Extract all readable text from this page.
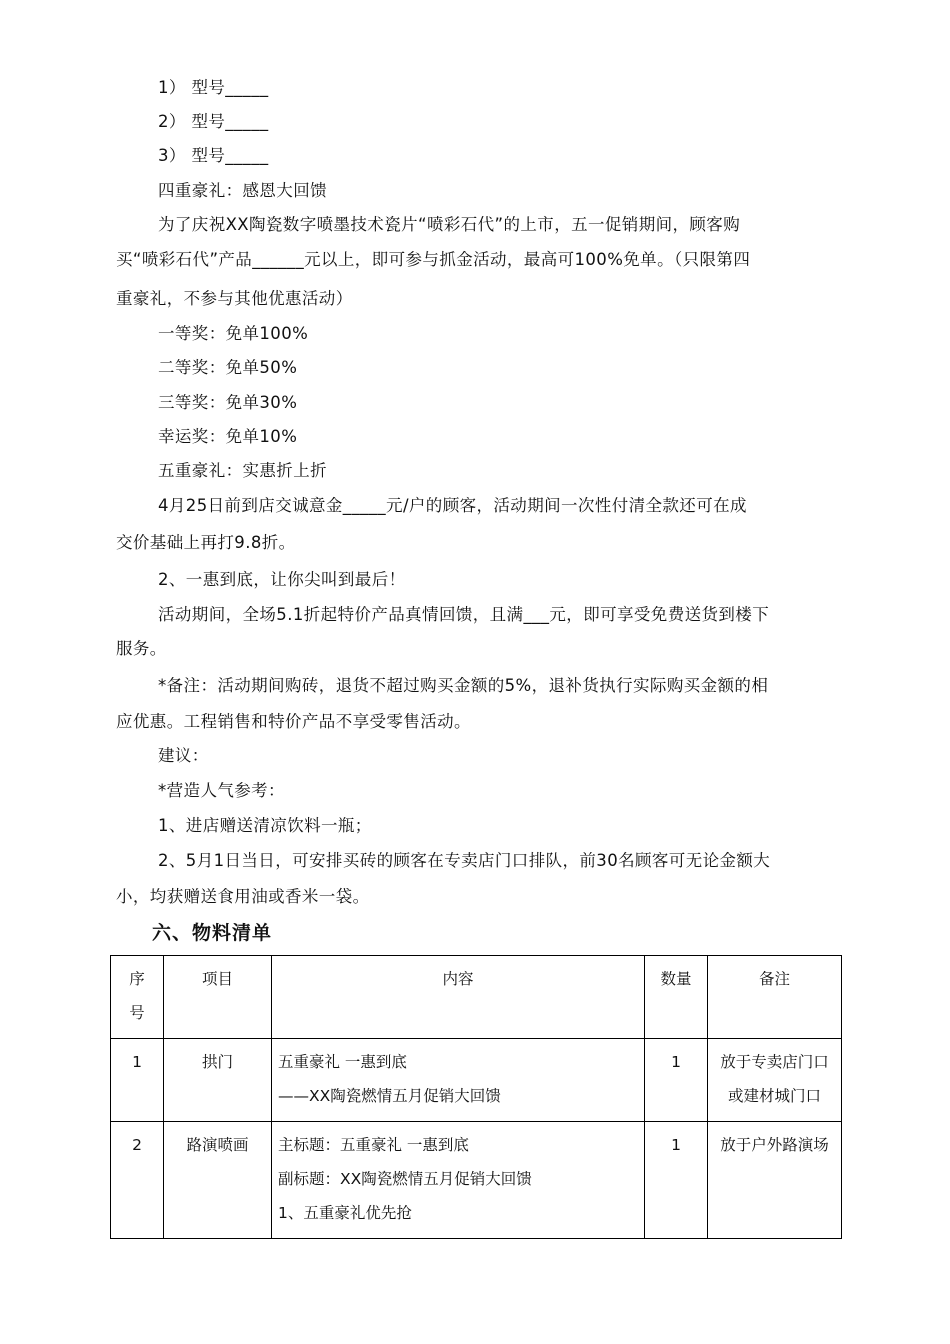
1） 型号_____
2） 型号_____
3） 型号_____
四重豪礼：感恩大回馈
为了庆祝XX陶瓷数字喷墨技术瓷片“喷彩石代”的上市，五一促销期间，顾客购
买“喷彩石代”产品______元以上，即可参与抓金活动，最高可100%免单。（只限第四
重豪礼，不参与其他优惠活动）
一等奖：免单100%
二等奖：免单50%
三等奖：免单30%
幸运奖：免单10%
五重豪礼：实惠折上折
4月25日前到店交诚意金_____元/户的顾客，活动期间一次性付清全款还可在成
交价基础上再打9.8折。
2、一惠到底，让你尖叫到最后！
活动期间，全场5.1折起特价产品真情回馈，且满___元，即可享受免费送货到楼下
服务。
*备注：活动期间购砖，退货不超过购买金额的5%，退补货执行实际购买金额的相
应优惠。工程销售和特价产品不享受零售活动。
建议：
*营造人气参考：
1、进店赠送清凉饮料一瓶；
2、5月1日当日，可安排买砖的顾客在专卖店门口排队，前30名顾客可无论金额大
小，均获赠送食用油或香米一袋。
六、物料清单
序号	项目	内容	数量	备注
1	拱门	五重豪礼 一惠到底
——XX陶瓷燃情五月促销大回馈	1	放于专卖店门口或建材城门口
2	路演喷画	主标题：五重豪礼 一惠到底
副标题：XX陶瓷燃情五月促销大回馈
1、五重豪礼优先抢	1	放于户外路演场
